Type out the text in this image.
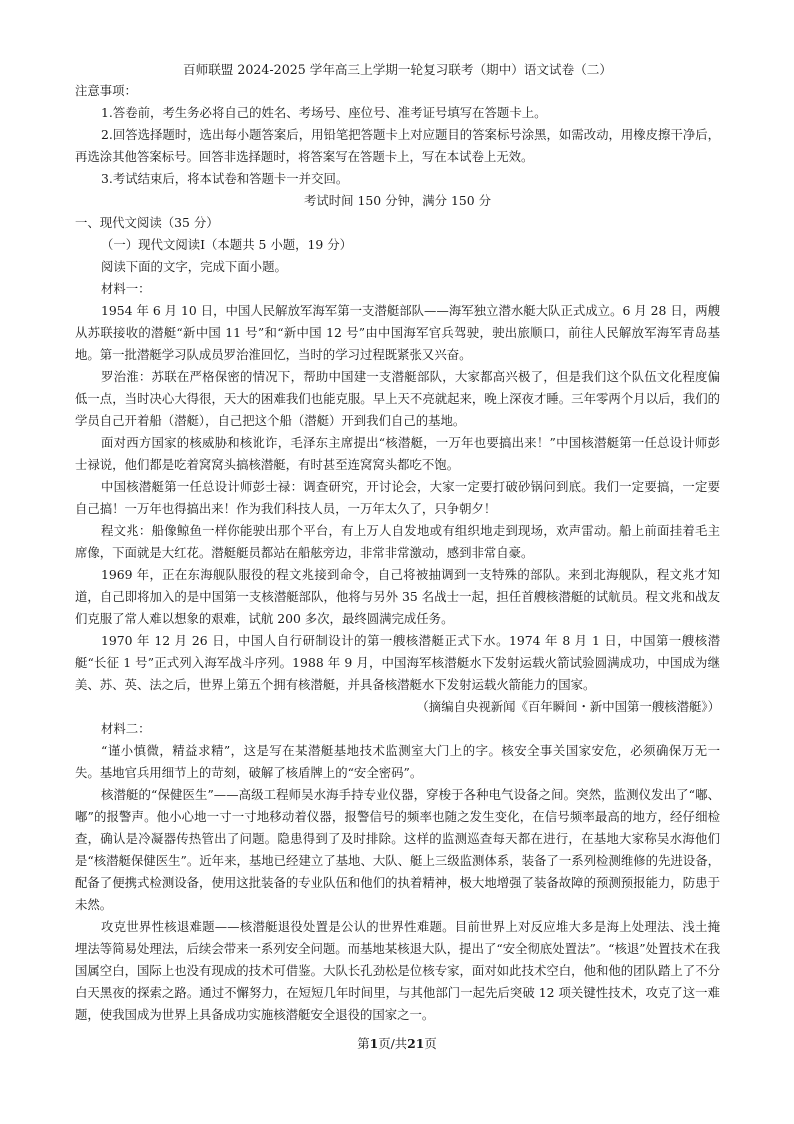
百师联盟 2024-2025 学年高三上学期一轮复习联考（期中）语文试卷（二）

注意事项：

1.答卷前，考生务必将自己的姓名、考场号、座位号、准考证号填写在答题卡上。

2.回答选择题时，选出每小题答案后，用铅笔把答题卡上对应题目的答案标号涂黑，如需改动，用橡皮擦干净后，再选涂其他答案标号。回答非选择题时，将答案写在答题卡上，写在本试卷上无效。

3.考试结束后，将本试卷和答题卡一并交回。

考试时间 150 分钟，满分 150 分

一、现代文阅读（35 分）

（一）现代文阅读Ⅰ（本题共 5 小题，19 分）

阅读下面的文字，完成下面小题。

材料一：

1954 年 6 月 10 日，中国人民解放军海军第一支潜艇部队——海军独立潜水艇大队正式成立。6 月 28 日，两艘从苏联接收的潜艇“新中国 11 号”和“新中国 12 号”由中国海军官兵驾驶，驶出旅顺口，前往人民解放军海军青岛基地。第一批潜艇学习队成员罗治淮回忆，当时的学习过程既紧张又兴奋。

罗治淮：苏联在严格保密的情况下，帮助中国建一支潜艇部队，大家都高兴极了，但是我们这个队伍文化程度偏低一点，当时决心大得很，天大的困难我们也能克服。早上天不亮就起来，晚上深夜才睡。三年零两个月以后，我们的学员自己开着船（潜艇），自己把这个船（潜艇）开到我们自己的基地。

面对西方国家的核威胁和核讹诈，毛泽东主席提出“核潜艇，一万年也要搞出来！”中国核潜艇第一任总设计师彭士禄说，他们都是吃着窝窝头搞核潜艇，有时甚至连窝窝头都吃不饱。

中国核潜艇第一任总设计师彭士禄：调查研究，开讨论会，大家一定要打破砂锅问到底。我们一定要搞，一定要自己搞！一万年也得搞出来！作为我们科技人员，一万年太久了，只争朝夕！

程文兆：船像鲸鱼一样你能驶出那个平台，有上万人自发地或有组织地走到现场，欢声雷动。船上前面挂着毛主席像，下面就是大红花。潜艇艇员都站在船舷旁边，非常非常激动，感到非常自豪。

1969 年，正在东海舰队服役的程文兆接到命令，自己将被抽调到一支特殊的部队。来到北海舰队，程文兆才知道，自己即将加入的是中国第一支核潜艇部队，他将与另外 35 名战士一起，担任首艘核潜艇的试航员。程文兆和战友们克服了常人难以想象的艰难，试航 200 多次，最终圆满完成任务。

1970 年 12 月 26 日，中国人自行研制设计的第一艘核潜艇正式下水。1974 年 8 月 1 日，中国第一艘核潜艇“长征 1 号”正式列入海军战斗序列。1988 年 9 月，中国海军核潜艇水下发射运载火箭试验圆满成功，中国成为继美、苏、英、法之后，世界上第五个拥有核潜艇，并具备核潜艇水下发射运载火箭能力的国家。

（摘编自央视新闻《百年瞬间・新中国第一艘核潜艇》）

材料二：

“谨小慎微，精益求精”，这是写在某潜艇基地技术监测室大门上的字。核安全事关国家安危，必须确保万无一失。基地官兵用细节上的苛刻，破解了核盾牌上的“安全密码”。

核潜艇的“保健医生”——高级工程师吴水海手持专业仪器，穿梭于各种电气设备之间。突然，监测仪发出了“嘟、嘟”的报警声。他小心地一寸一寸地移动着仪器，报警信号的频率也随之发生变化，在信号频率最高的地方，经仔细检查，确认是冷凝器传热管出了问题。隐患得到了及时排除。这样的监测巡查每天都在进行，在基地大家称吴水海他们是“核潜艇保健医生”。近年来，基地已经建立了基地、大队、艇上三级监测体系，装备了一系列检测维修的先进设备，配备了便携式检测设备，使用这批装备的专业队伍和他们的执着精神，极大地增强了装备故障的预测预报能力，防患于未然。

攻克世界性核退难题——核潜艇退役处置是公认的世界性难题。目前世界上对反应堆大多是海上处理法、浅土掩埋法等简易处理法，后续会带来一系列安全问题。而基地某核退大队，提出了“安全彻底处置法”。“核退”处置技术在我国属空白，国际上也没有现成的技术可借鉴。大队长孔劲松是位核专家，面对如此技术空白，他和他的团队踏上了不分白天黑夜的探索之路。通过不懈努力，在短短几年时间里，与其他部门一起先后突破 12 项关键性技术，攻克了这一难题，使我国成为世界上具备成功实施核潜艇安全退役的国家之一。

第1页/共21页
